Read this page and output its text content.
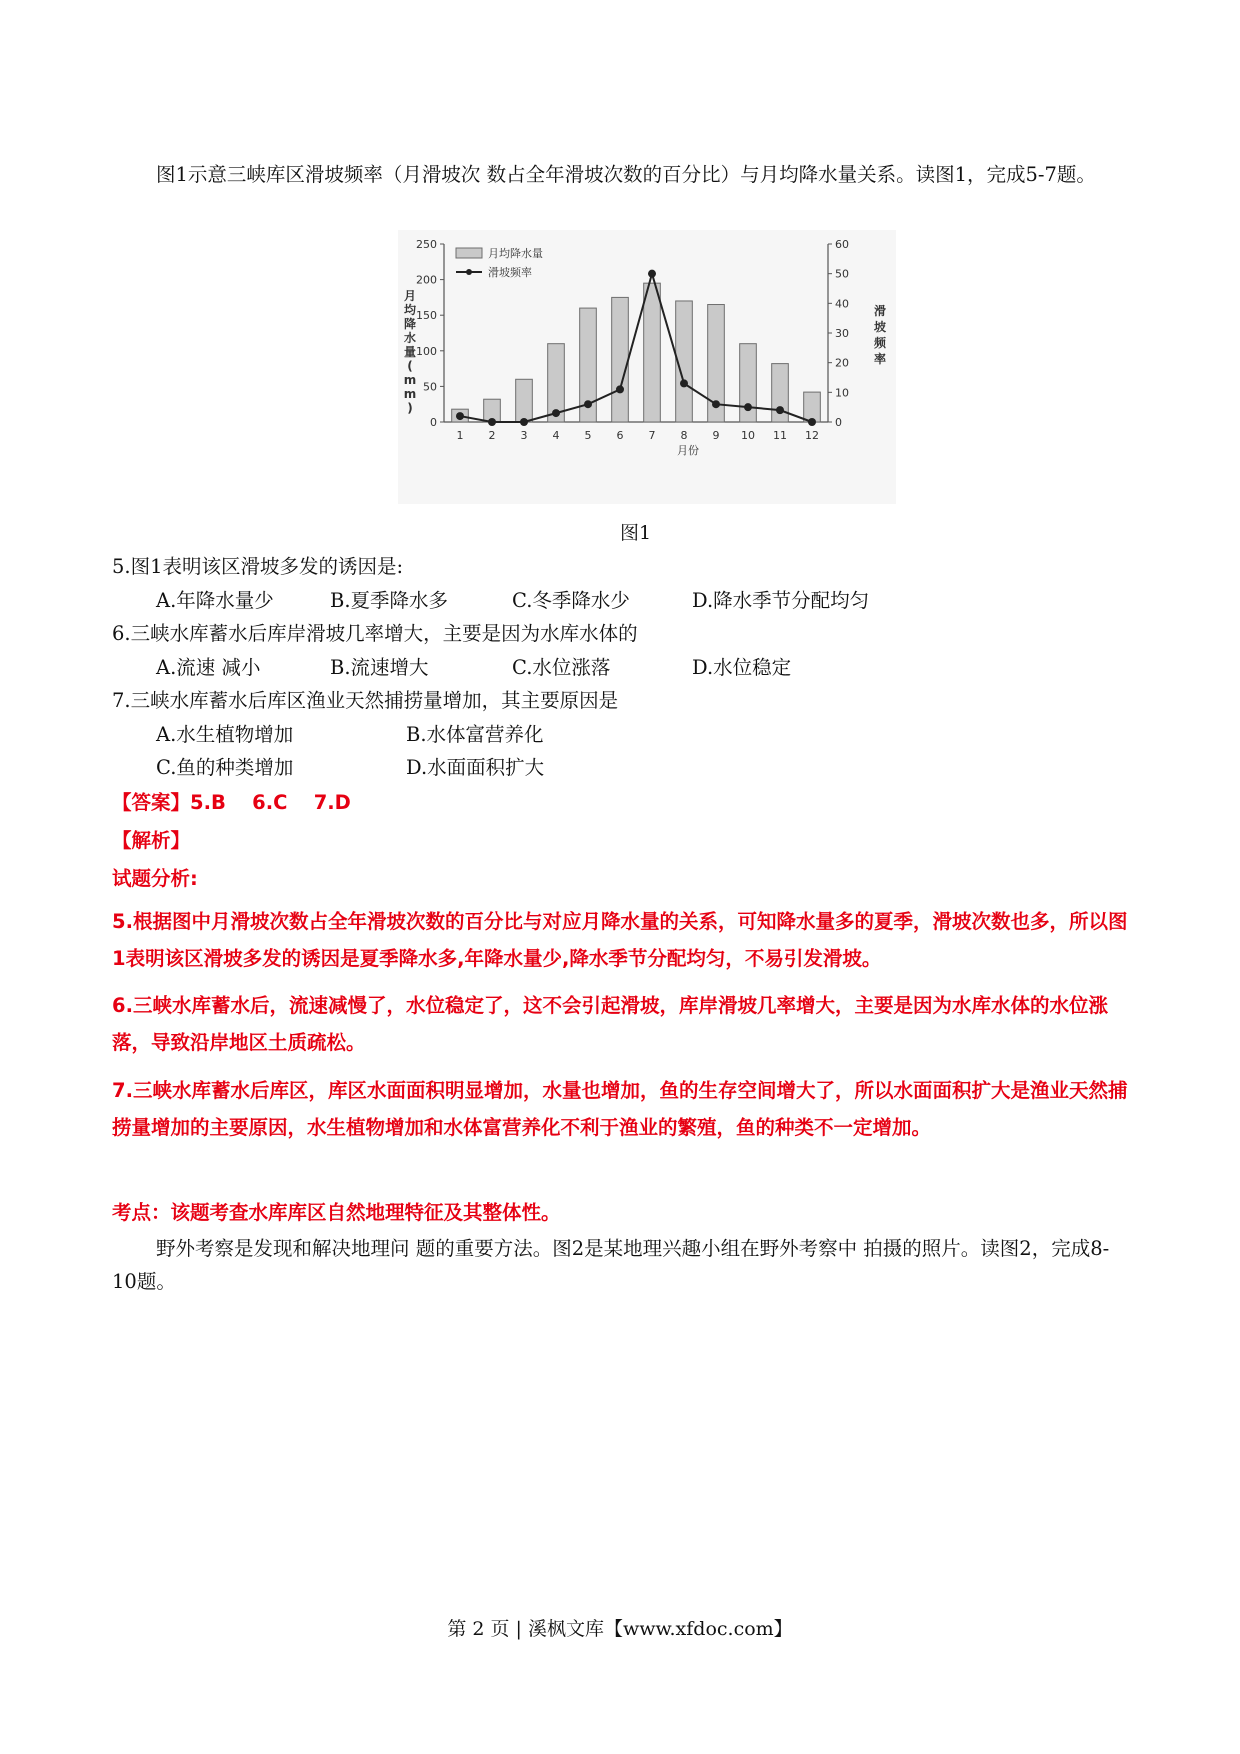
图1示意三峡库区滑坡频率（月滑坡次 数占全年滑坡次数的百分比）与月均降水量关系。读图1，完成5-7题。
0
50
100
150
200
250
0
10
20
30
40
50
60
1 2 3 4 5 6 7 8 9 10 11 12
月份
月
均
降
水
量
(
m
m
)
滑
坡
频
率
月均降水量
滑坡频率
图1
5.图1表明该区滑坡多发的诱因是:
A.年降水量少	B.夏季降水多	C.冬季降水少	D.降水季节分配均匀
6.三峡水库蓄水后库岸滑坡几率增大，主要是因为水库水体的
A.流速 减小	B.流速增大	C.水位涨落	D.水位稳定
7.三峡水库蓄水后库区渔业天然捕捞量增加，其主要原因是
A.水生植物增加	B.水体富营养化
C.鱼的种类增加	D.水面面积扩大
【答案】5.B　 6.C　 7.D
【解析】
试题分析:
5.根据图中月滑坡次数占全年滑坡次数的百分比与对应月降水量的关系，可知降水量多的夏季，滑坡次数也多，所以图1表明该区滑坡多发的诱因是夏季降水多,年降水量少,降水季节分配均匀，不易引发滑坡。
6.三峡水库蓄水后，流速减慢了，水位稳定了，这不会引起滑坡，库岸滑坡几率增大，主要是因为水库水体的水位涨落，导致沿岸地区土质疏松。
7.三峡水库蓄水后库区，库区水面面积明显增加，水量也增加，鱼的生存空间增大了，所以水面面积扩大是渔业天然捕捞量增加的主要原因，水生植物增加和水体富营养化不利于渔业的繁殖，鱼的种类不一定增加。
考点：该题考查水库库区自然地理特征及其整体性。
野外考察是发现和解决地理问 题的重要方法。图2是某地理兴趣小组在野外考察中 拍摄的照片。读图2，完成8-10题。
第 2 页 | 溪枫文库【www.xfdoc.com】
